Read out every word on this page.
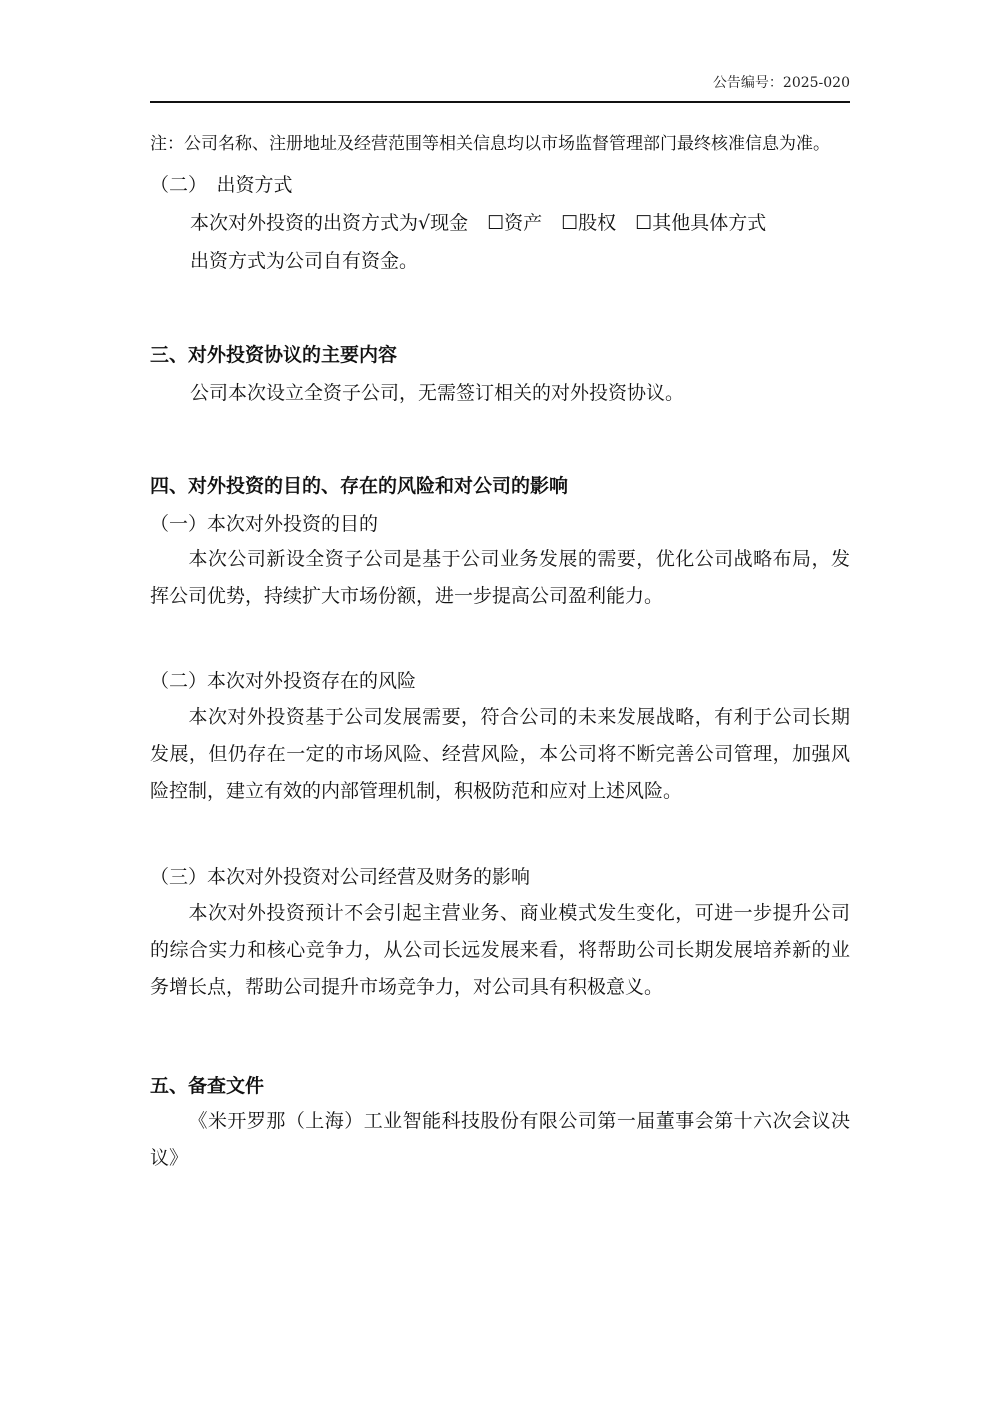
公告编号：2025-020
注：公司名称、注册地址及经营范围等相关信息均以市场监督管理部门最终核准信息为准。
（二）　出资方式
本次对外投资的出资方式为√现金　☐资产　☐股权　☐其他具体方式
出资方式为公司自有资金。
三、对外投资协议的主要内容
公司本次设立全资子公司，无需签订相关的对外投资协议。
四、对外投资的目的、存在的风险和对公司的影响
（一）本次对外投资的目的
本次公司新设全资子公司是基于公司业务发展的需要，优化公司战略布局，发挥公司优势，持续扩大市场份额，进一步提高公司盈利能力。
（二）本次对外投资存在的风险
本次对外投资基于公司发展需要，符合公司的未来发展战略，有利于公司长期发展，但仍存在一定的市场风险、经营风险，本公司将不断完善公司管理，加强风险控制，建立有效的内部管理机制，积极防范和应对上述风险。
（三）本次对外投资对公司经营及财务的影响
本次对外投资预计不会引起主营业务、商业模式发生变化，可进一步提升公司的综合实力和核心竞争力，从公司长远发展来看，将帮助公司长期发展培养新的业务增长点，帮助公司提升市场竞争力，对公司具有积极意义。
五、备查文件
《米开罗那（上海）工业智能科技股份有限公司第一届董事会第十六次会议决议》
